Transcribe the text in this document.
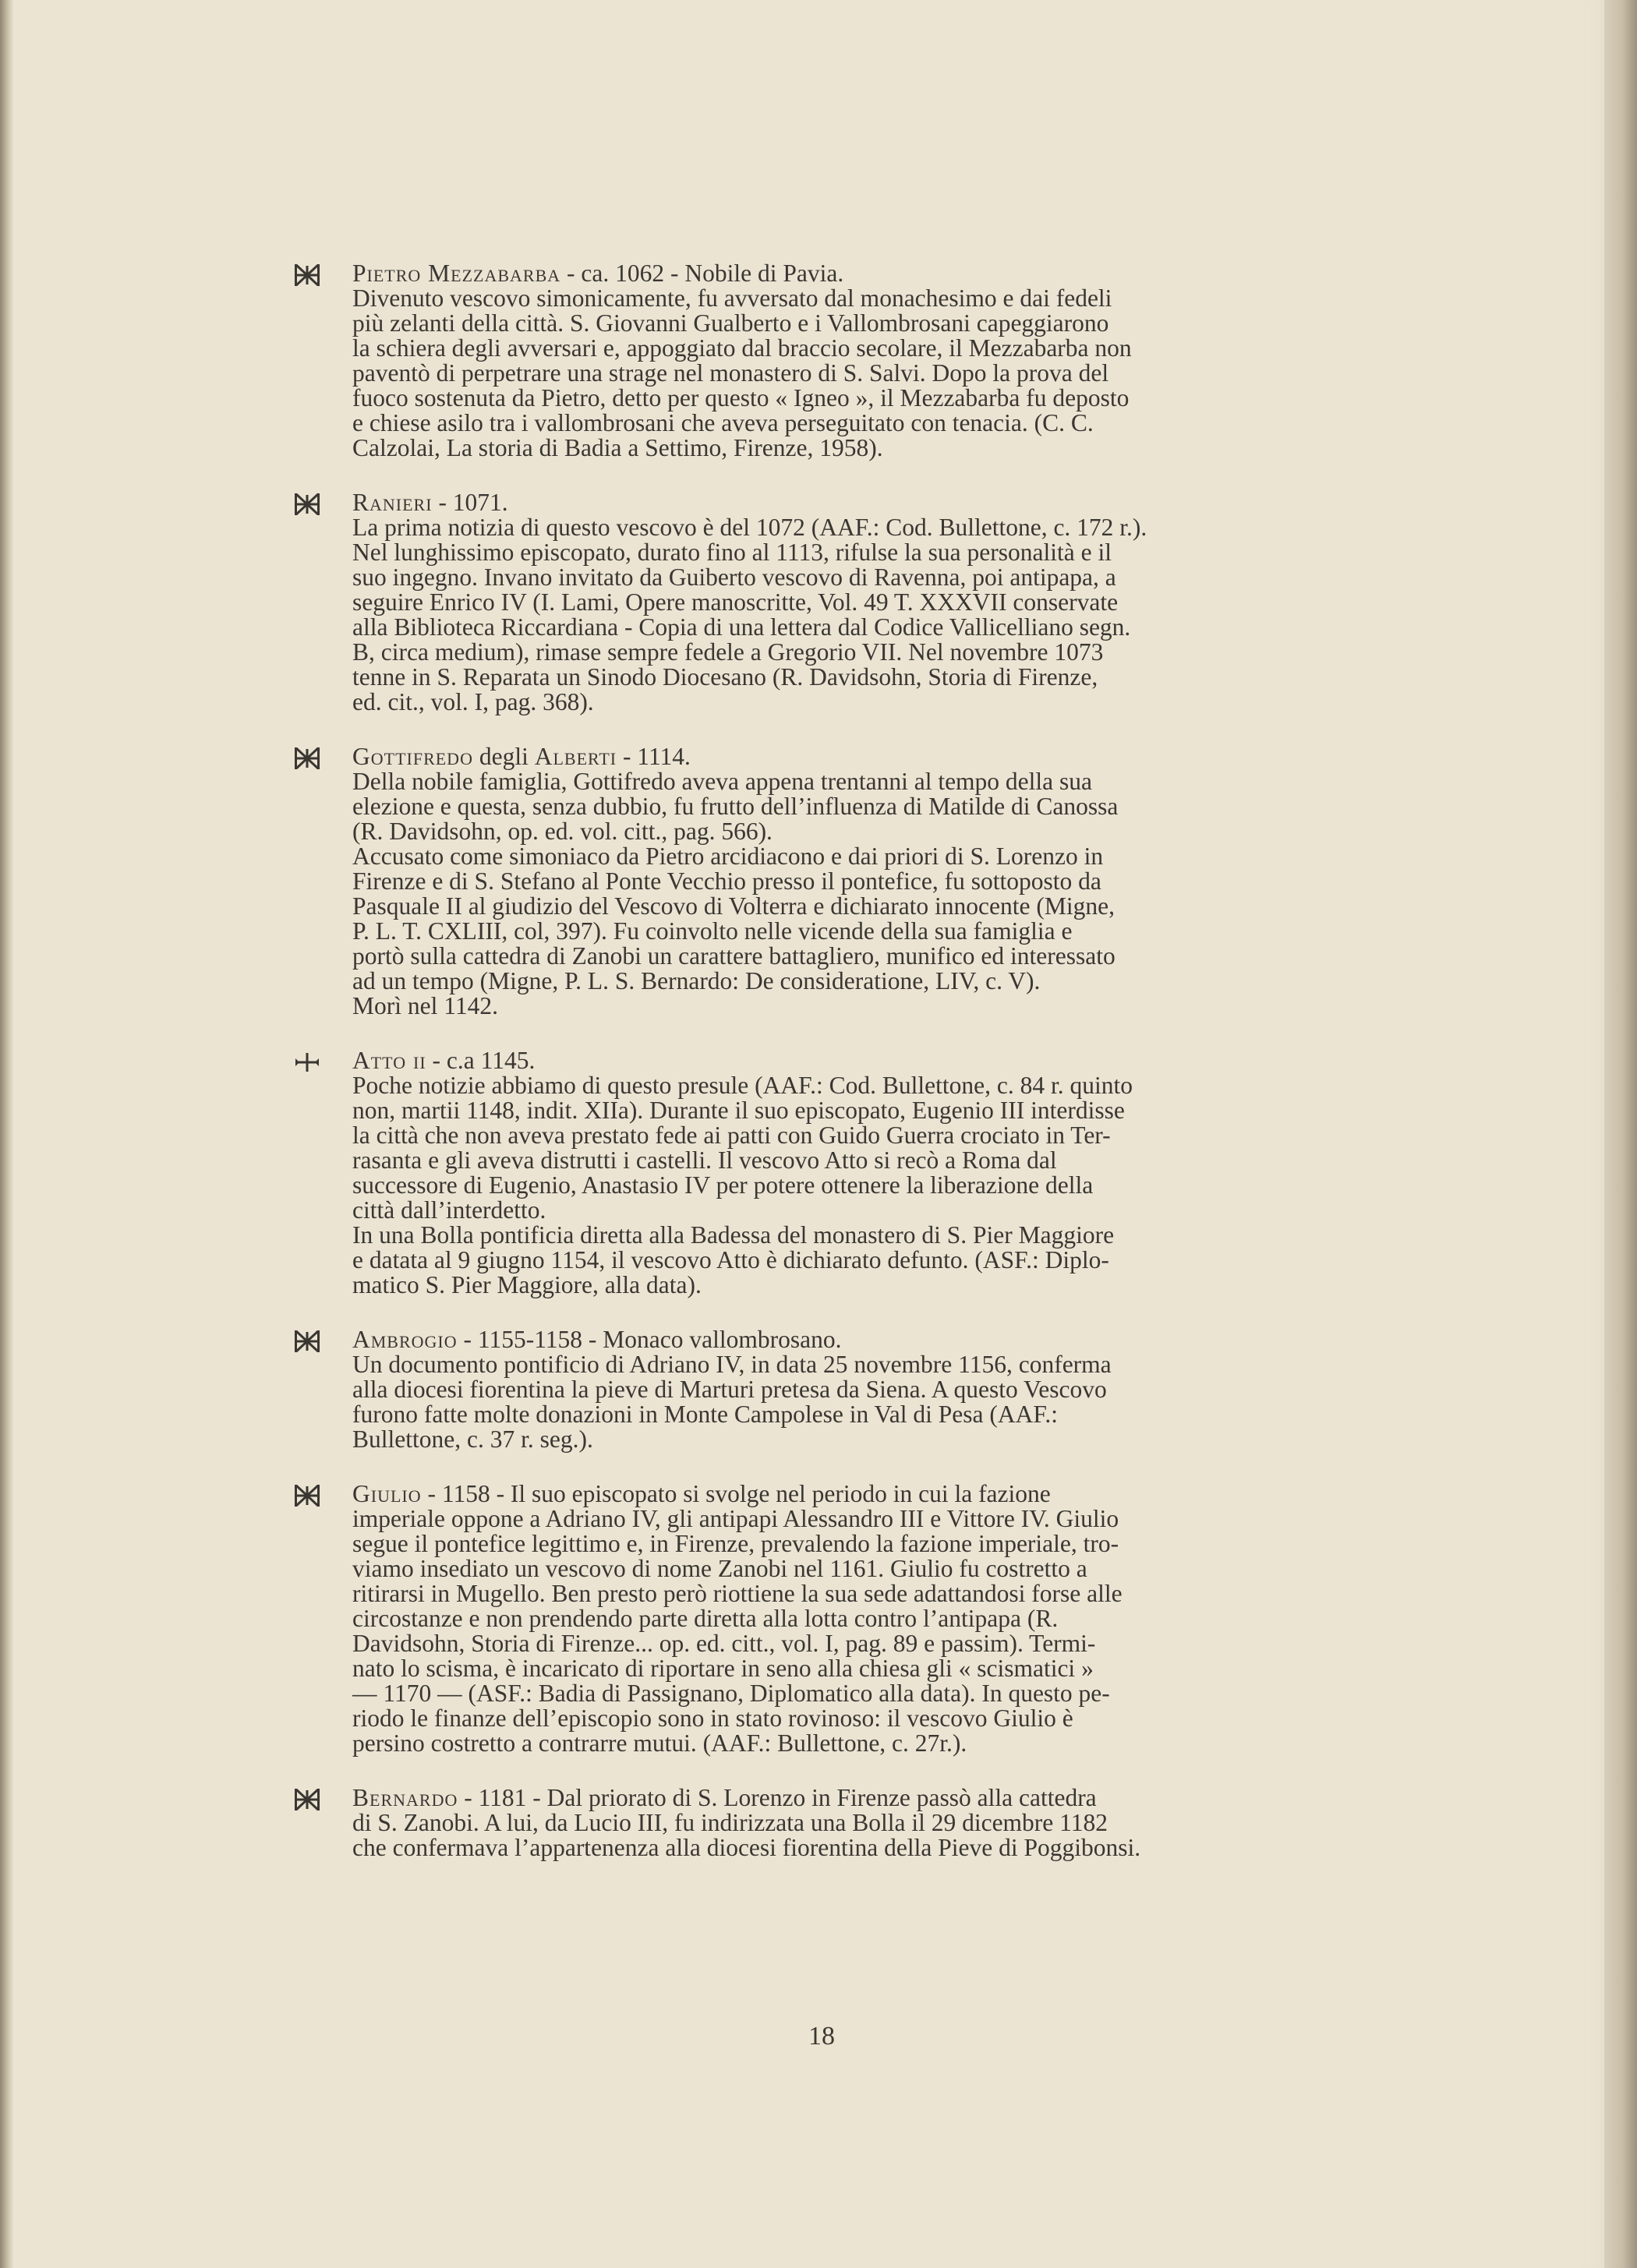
Pietro Mezzabarba - ca. 1062 - Nobile di Pavia.
Divenuto vescovo simonicamente, fu avversato dal monachesimo e dai fedeli
più zelanti della città. S. Giovanni Gualberto e i Vallombrosani capeggiarono
la schiera degli avversari e, appoggiato dal braccio secolare, il Mezzabarba non
paventò di perpetrare una strage nel monastero di S. Salvi. Dopo la prova del
fuoco sostenuta da Pietro, detto per questo « Igneo », il Mezzabarba fu deposto
e chiese asilo tra i vallombrosani che aveva perseguitato con tenacia. (C. C.
Calzolai, La storia di Badia a Settimo, Firenze, 1958).
Ranieri - 1071.
La prima notizia di questo vescovo è del 1072 (AAF.: Cod. Bullettone, c. 172 r.).
Nel lunghissimo episcopato, durato fino al 1113, rifulse la sua personalità e il
suo ingegno. Invano invitato da Guiberto vescovo di Ravenna, poi antipapa, a
seguire Enrico IV (I. Lami, Opere manoscritte, Vol. 49 T. XXXVII conservate
alla Biblioteca Riccardiana - Copia di una lettera dal Codice Vallicelliano segn.
B, circa medium), rimase sempre fedele a Gregorio VII. Nel novembre 1073
tenne in S. Reparata un Sinodo Diocesano (R. Davidsohn, Storia di Firenze,
ed. cit., vol. I, pag. 368).
Gottifredo degli Alberti - 1114.
Della nobile famiglia, Gottifredo aveva appena trentanni al tempo della sua
elezione e questa, senza dubbio, fu frutto dell’influenza di Matilde di Canossa
(R. Davidsohn, op. ed. vol. citt., pag. 566).
Accusato come simoniaco da Pietro arcidiacono e dai priori di S. Lorenzo in
Firenze e di S. Stefano al Ponte Vecchio presso il pontefice, fu sottoposto da
Pasquale II al giudizio del Vescovo di Volterra e dichiarato innocente (Migne,
P. L. T. CXLIII, col, 397). Fu coinvolto nelle vicende della sua famiglia e
portò sulla cattedra di Zanobi un carattere battagliero, munifico ed interessato
ad un tempo (Migne, P. L. S. Bernardo: De consideratione, LIV, c. V).
Morì nel 1142.
Atto ii - c.a 1145.
Poche notizie abbiamo di questo presule (AAF.: Cod. Bullettone, c. 84 r. quinto
non, martii 1148, indit. XIIa). Durante il suo episcopato, Eugenio III interdisse
la città che non aveva prestato fede ai patti con Guido Guerra crociato in Ter-
rasanta e gli aveva distrutti i castelli. Il vescovo Atto si recò a Roma dal
successore di Eugenio, Anastasio IV per potere ottenere la liberazione della
città dall’interdetto.
In una Bolla pontificia diretta alla Badessa del monastero di S. Pier Maggiore
e datata al 9 giugno 1154, il vescovo Atto è dichiarato defunto. (ASF.: Diplo-
matico S. Pier Maggiore, alla data).
Ambrogio - 1155-1158 - Monaco vallombrosano.
Un documento pontificio di Adriano IV, in data 25 novembre 1156, conferma
alla diocesi fiorentina la pieve di Marturi pretesa da Siena. A questo Vescovo
furono fatte molte donazioni in Monte Campolese in Val di Pesa (AAF.:
Bullettone, c. 37 r. seg.).
Giulio - 1158 - Il suo episcopato si svolge nel periodo in cui la fazione
imperiale oppone a Adriano IV, gli antipapi Alessandro III e Vittore IV. Giulio
segue il pontefice legittimo e, in Firenze, prevalendo la fazione imperiale, tro-
viamo insediato un vescovo di nome Zanobi nel 1161. Giulio fu costretto a
ritirarsi in Mugello. Ben presto però riottiene la sua sede adattandosi forse alle
circostanze e non prendendo parte diretta alla lotta contro l’antipapa (R.
Davidsohn, Storia di Firenze... op. ed. citt., vol. I, pag. 89 e passim). Termi-
nato lo scisma, è incaricato di riportare in seno alla chiesa gli « scismatici »
— 1170 — (ASF.: Badia di Passignano, Diplomatico alla data). In questo pe-
riodo le finanze dell’episcopio sono in stato rovinoso: il vescovo Giulio è
persino costretto a contrarre mutui. (AAF.: Bullettone, c. 27r.).
Bernardo - 1181 - Dal priorato di S. Lorenzo in Firenze passò alla cattedra
di S. Zanobi. A lui, da Lucio III, fu indirizzata una Bolla il 29 dicembre 1182
che confermava l’appartenenza alla diocesi fiorentina della Pieve di Poggibonsi.
18
